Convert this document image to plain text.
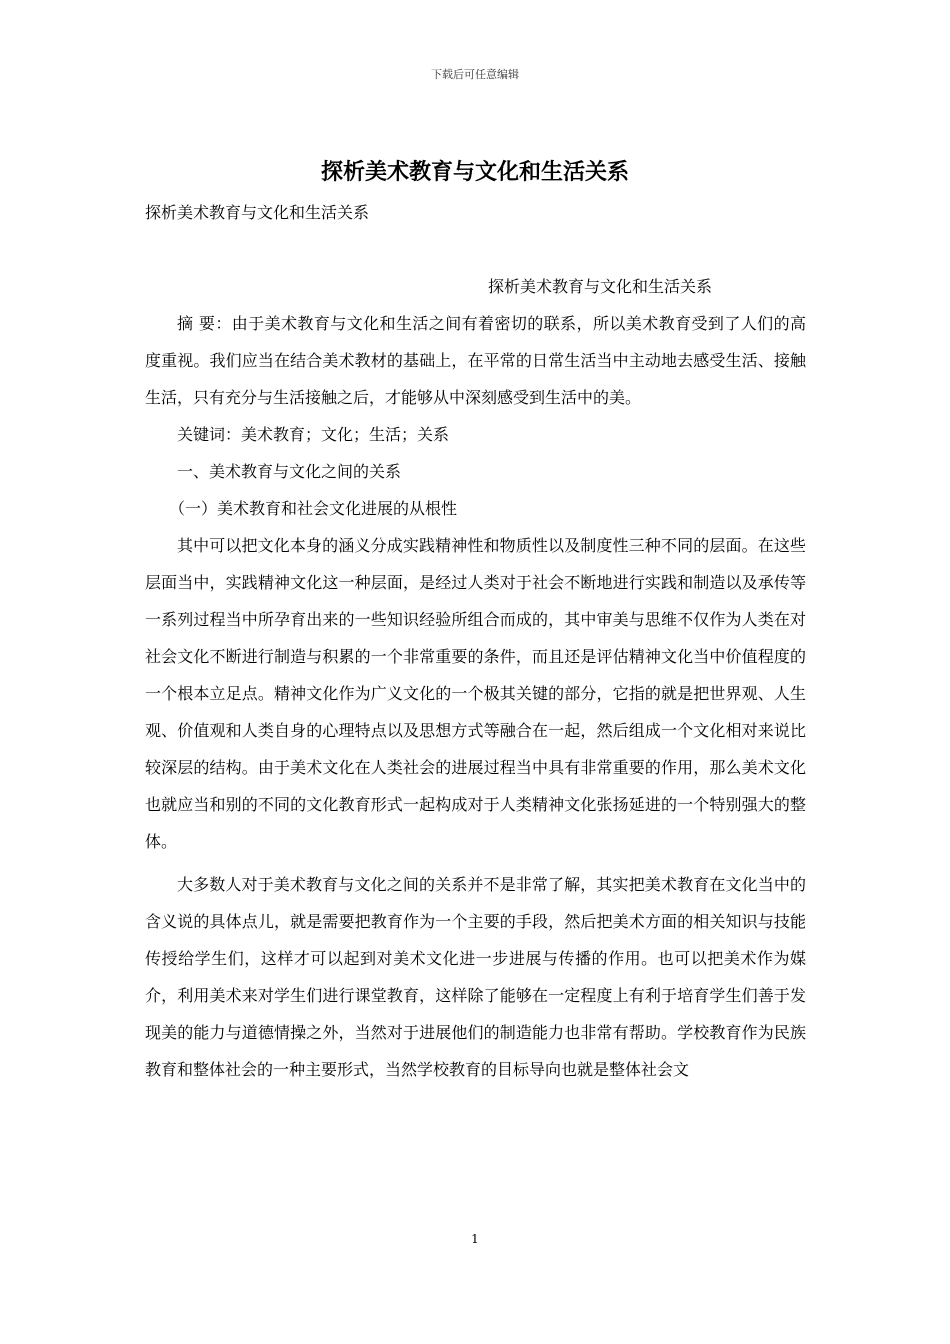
下载后可任意编辑
探析美术教育与文化和生活关系
探析美术教育与文化和生活关系
探析美术教育与文化和生活关系

摘 要：由于美术教育与文化和生活之间有着密切的联系，所以美术教育受到了人们的高度重视。我们应当在结合美术教材的基础上，在平常的日常生活当中主动地去感受生活、接触生活，只有充分与生活接触之后，才能够从中深刻感受到生活中的美。

关键词：美术教育；文化；生活；关系

一、美术教育与文化之间的关系

（一）美术教育和社会文化进展的从根性

其中可以把文化本身的涵义分成实践精神性和物质性以及制度性三种不同的层面。在这些层面当中，实践精神文化这一种层面，是经过人类对于社会不断地进行实践和制造以及承传等一系列过程当中所孕育出来的一些知识经验所组合而成的，其中审美与思维不仅作为人类在对社会文化不断进行制造与积累的一个非常重要的条件，而且还是评估精神文化当中价值程度的一个根本立足点。精神文化作为广义文化的一个极其关键的部分，它指的就是把世界观、人生观、价值观和人类自身的心理特点以及思想方式等融合在一起，然后组成一个文化相对来说比较深层的结构。由于美术文化在人类社会的进展过程当中具有非常重要的作用，那么美术文化也就应当和别的不同的文化教育形式一起构成对于人类精神文化张扬延进的一个特别强大的整体。

大多数人对于美术教育与文化之间的关系并不是非常了解，其实把美术教育在文化当中的含义说的具体点儿，就是需要把教育作为一个主要的手段，然后把美术方面的相关知识与技能传授给学生们，这样才可以起到对美术文化进一步进展与传播的作用。也可以把美术作为媒介，利用美术来对学生们进行课堂教育，这样除了能够在一定程度上有利于培育学生们善于发现美的能力与道德情操之外，当然对于进展他们的制造能力也非常有帮助。学校教育作为民族教育和整体社会的一种主要形式，当然学校教育的目标导向也就是整体社会文

1
